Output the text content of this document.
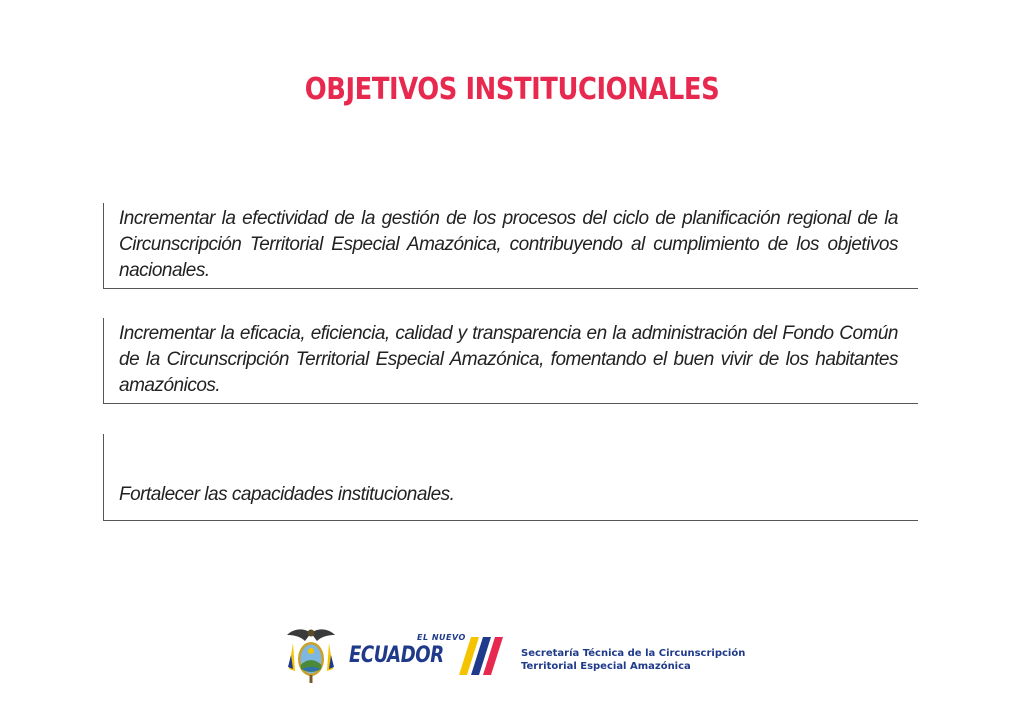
OBJETIVOS INSTITUCIONALES
Incrementar la efectividad de la gestión de los procesos del ciclo de planificación regional de la Circunscripción Territorial Especial Amazónica, contribuyendo al cumplimiento de los objetivos nacionales.
Incrementar la eficacia, eficiencia, calidad y transparencia en la administración del Fondo Común de la Circunscripción Territorial Especial Amazónica, fomentando el buen vivir de los habitantes amazónicos.
Fortalecer las capacidades institucionales.
EL NUEVO
ECUADOR	Secretaría Técnica de la Circunscripción
Territorial Especial Amazónica
